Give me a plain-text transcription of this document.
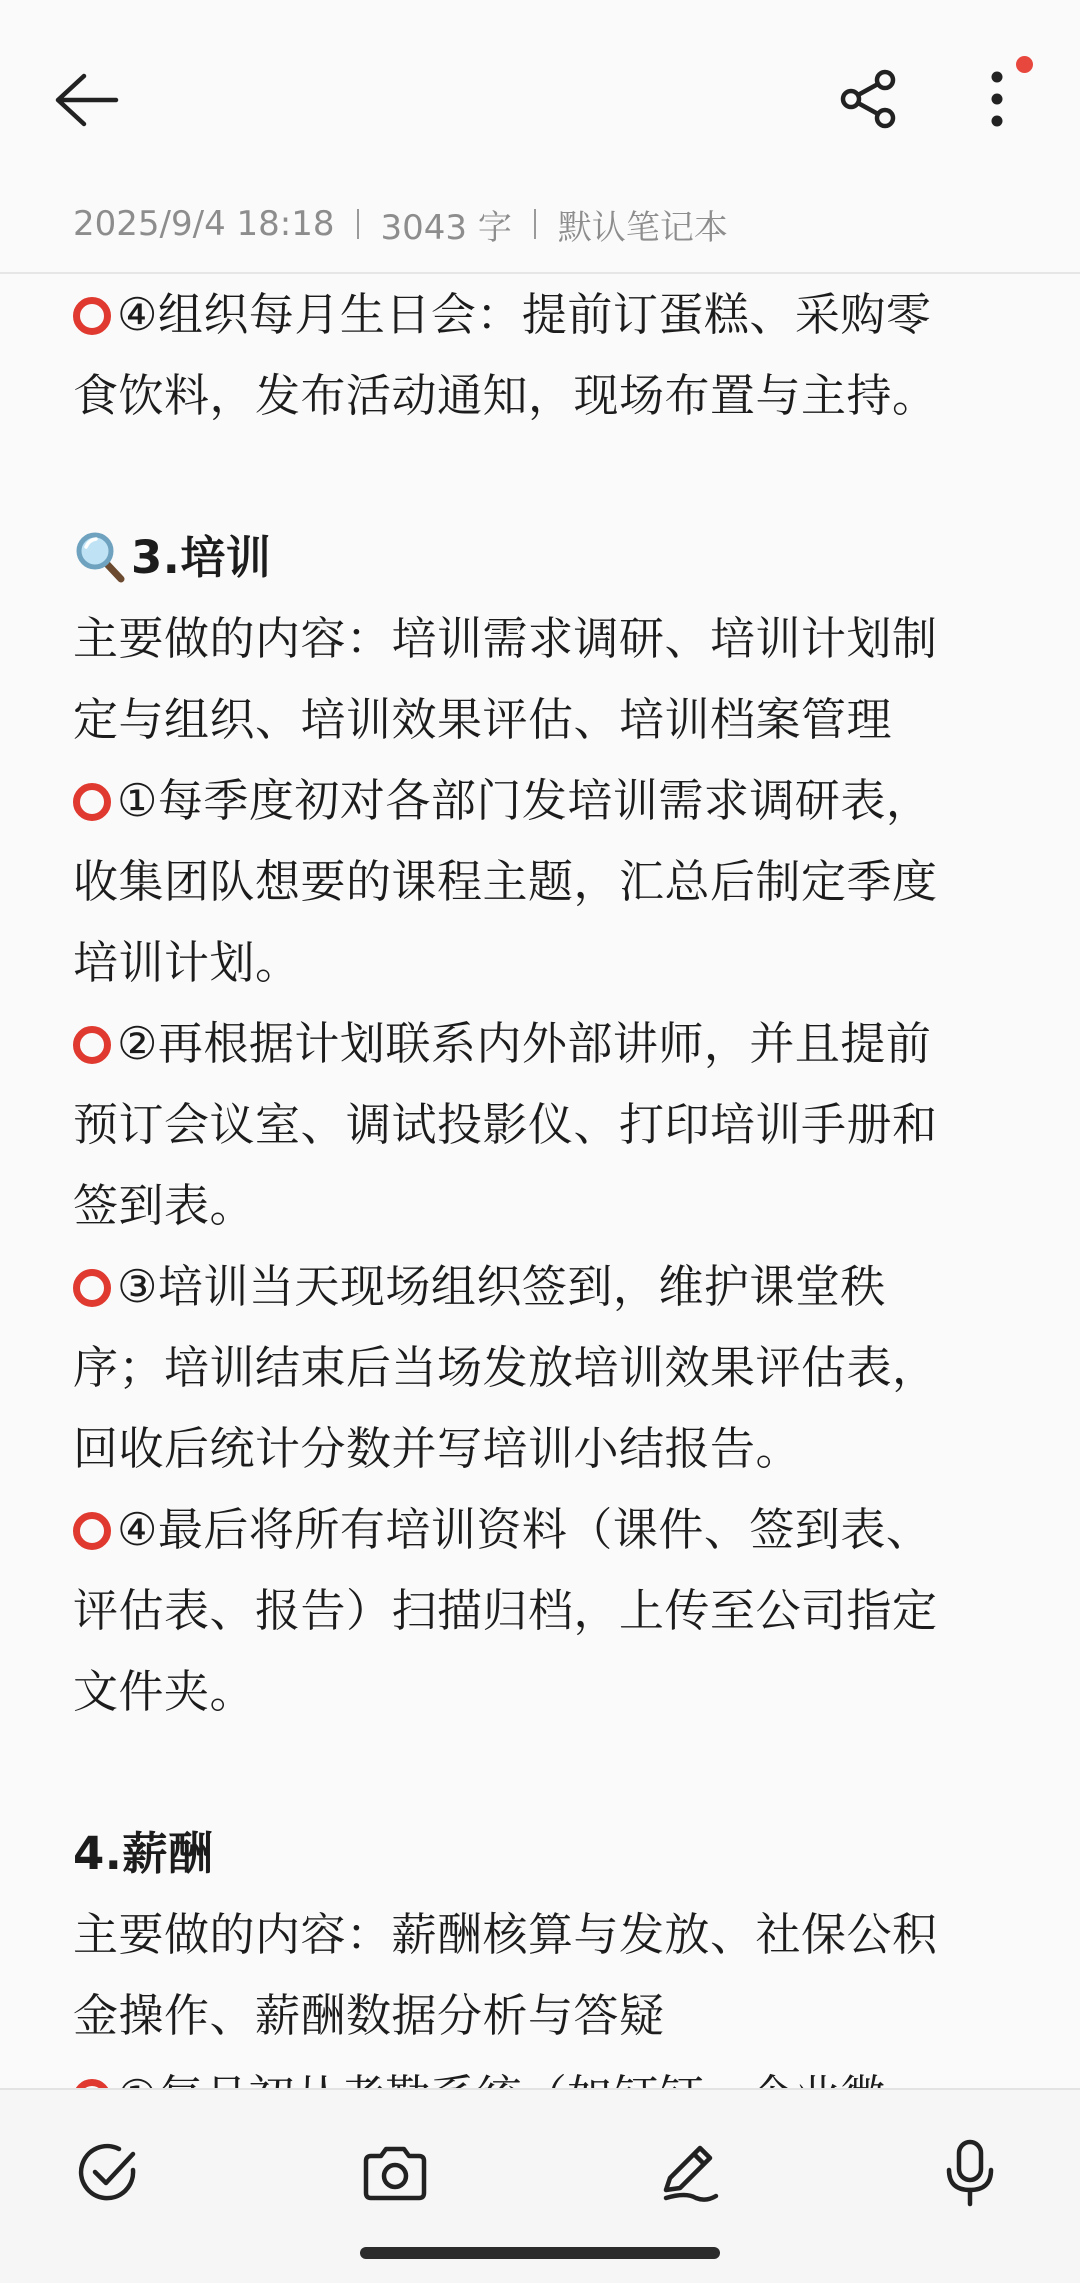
2025/9/4 18:18 3043 字 默认笔记本
④组织每月生日会：提前订蛋糕、采购零
食饮料，发布活动通知，现场布置与主持。
3.培训
主要做的内容：培训需求调研、培训计划制
定与组织、培训效果评估、培训档案管理
①每季度初对各部门发培训需求调研表，
收集团队想要的课程主题，汇总后制定季度
培训计划。
②再根据计划联系内外部讲师，并且提前
预订会议室、调试投影仪、打印培训手册和
签到表。
③培训当天现场组织签到，维护课堂秩
序；培训结束后当场发放培训效果评估表，
回收后统计分数并写培训小结报告。
④最后将所有培训资料（课件、签到表、
评估表、报告）扫描归档，上传至公司指定
文件夹。
4.薪酬
主要做的内容：薪酬核算与发放、社保公积
金操作、薪酬数据分析与答疑
